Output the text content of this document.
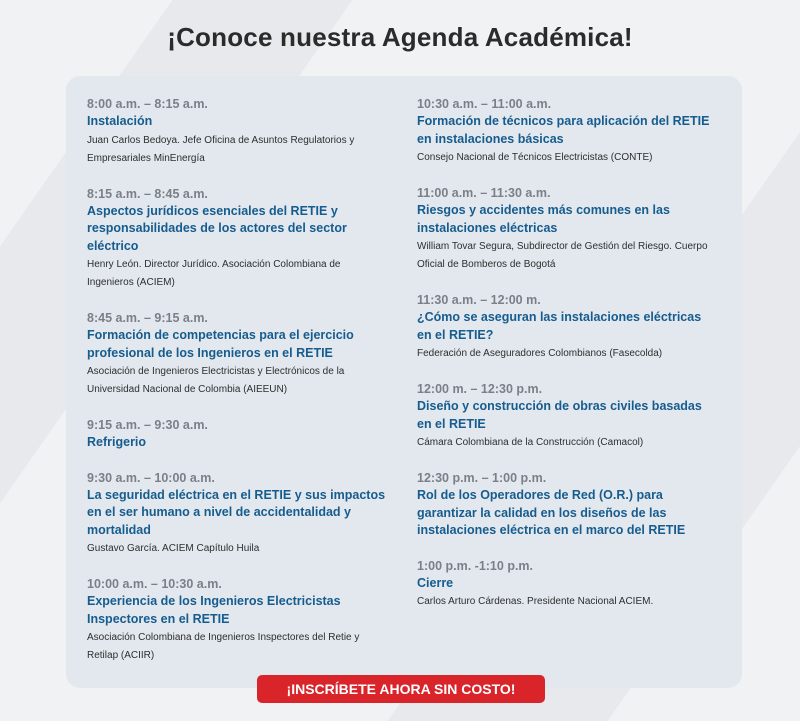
¡Conoce nuestra Agenda Académica!
8:00 a.m. – 8:15 a.m.
Instalación
Juan Carlos Bedoya. Jefe Oficina de Asuntos Regulatorios y Empresariales MinEnergía
8:15 a.m. – 8:45 a.m.
Aspectos jurídicos esenciales del RETIE y responsabilidades de los actores del sector eléctrico
Henry León. Director Jurídico. Asociación Colombiana de Ingenieros (ACIEM)
8:45 a.m. – 9:15 a.m.
Formación de competencias para el ejercicio profesional de los Ingenieros en el RETIE
Asociación de Ingenieros Electricistas y Electrónicos de la Universidad Nacional de Colombia (AIEEUN)
9:15 a.m. – 9:30 a.m.
Refrigerio
9:30 a.m. – 10:00 a.m.
La seguridad eléctrica en el RETIE y sus impactos en el ser humano a nivel de accidentalidad y mortalidad
Gustavo García. ACIEM Capítulo Huila
10:00 a.m. – 10:30 a.m.
Experiencia de los Ingenieros Electricistas Inspectores en el RETIE
Asociación Colombiana de Ingenieros Inspectores del Retie y Retilap (ACIIR)
10:30 a.m. – 11:00 a.m.
Formación de técnicos para aplicación del RETIE en instalaciones básicas
Consejo Nacional de Técnicos Electricistas (CONTE)
11:00 a.m. – 11:30 a.m.
Riesgos y accidentes más comunes en las instalaciones eléctricas
William Tovar Segura, Subdirector de Gestión del Riesgo. Cuerpo Oficial de Bomberos de Bogotá
11:30 a.m. – 12:00 m.
¿Cómo se aseguran las instalaciones eléctricas en el RETIE?
Federación de Aseguradores Colombianos (Fasecolda)
12:00 m. – 12:30 p.m.
Diseño y construcción de obras civiles basadas en el RETIE
Cámara Colombiana de la Construcción (Camacol)
12:30 p.m. – 1:00 p.m.
Rol de los Operadores de Red (O.R.) para garantizar la calidad en los diseños de las instalaciones eléctrica en el marco del RETIE
1:00 p.m. -1:10 p.m.
Cierre
Carlos Arturo Cárdenas. Presidente Nacional ACIEM.
¡INSCRÍBETE AHORA SIN COSTO!
